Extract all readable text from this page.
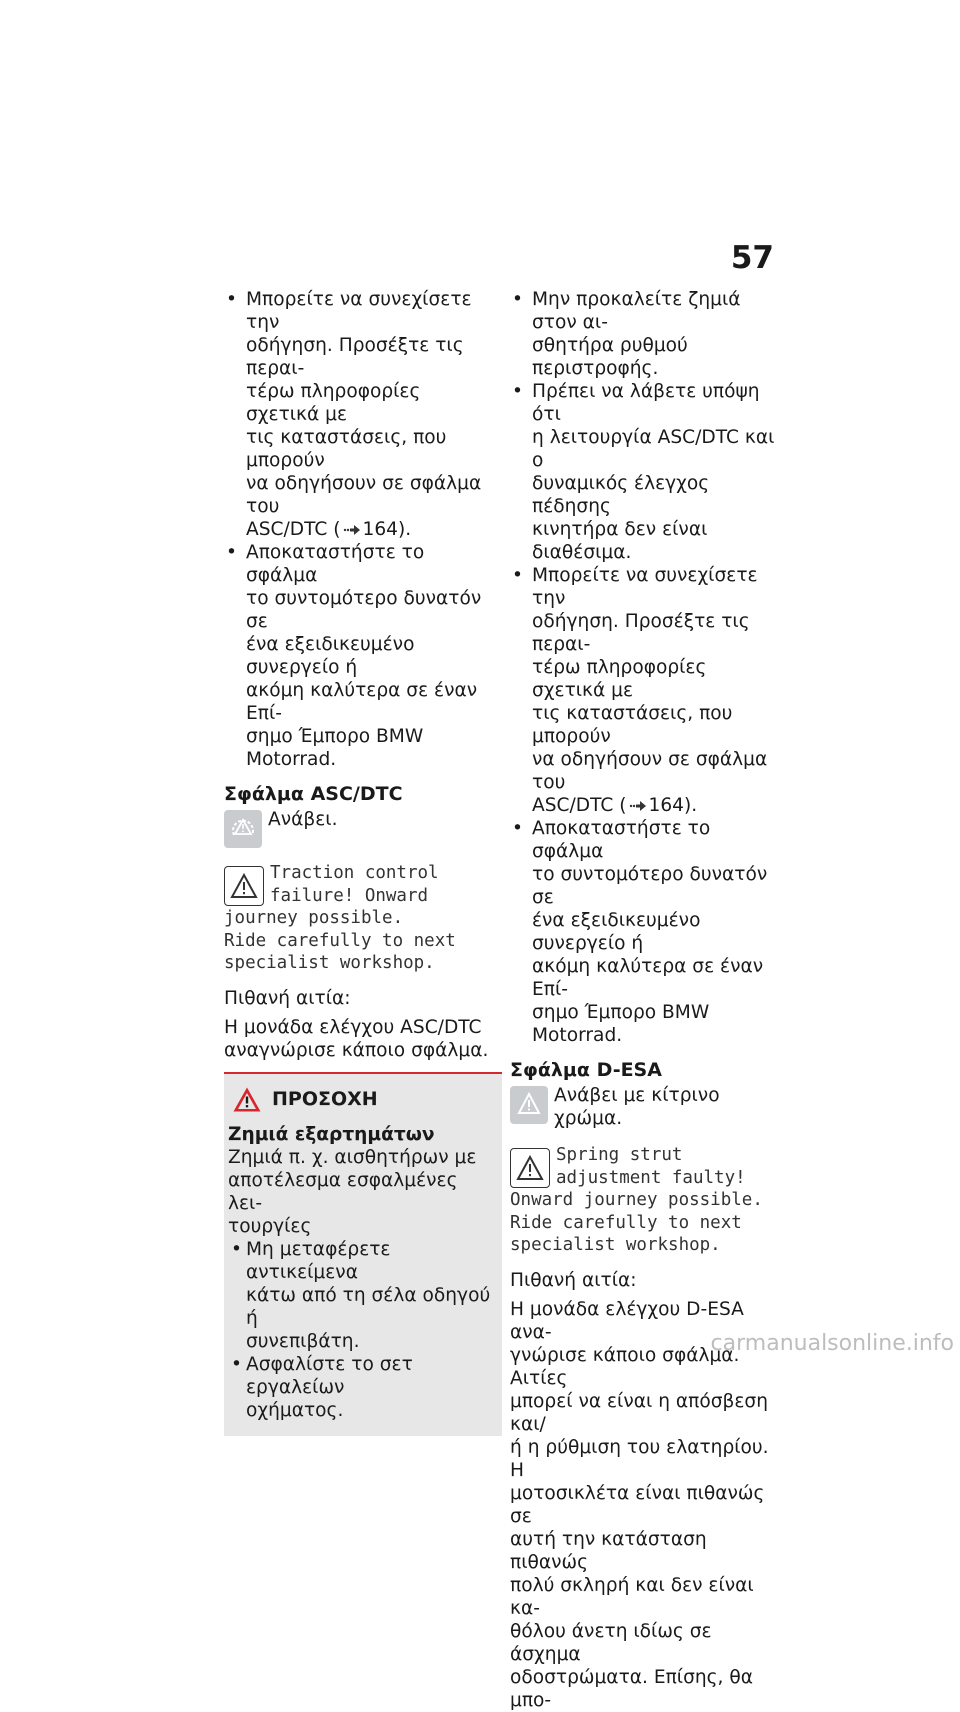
57
• Μπορείτε να συνεχίσετε την
οδήγηση. Προσέξτε τις περαι-
τέρω πληροφορίες σχετικά με
τις καταστάσεις, που μπορούν
να οδηγήσουν σε σφάλμα του
ASC/DTC ( 164).
• Αποκαταστήστε το σφάλμα
το συντομότερο δυνατόν σε
ένα εξειδικευμένο συνεργείο ή
ακόμη καλύτερα σε έναν Επί-
σημο Έμπορο BMW Motorrad.
Σφάλμα ASC/DTC
Ανάβει.
Traction control
failure! Onward
journey possible.
Ride carefully to next
specialist workshop.
Πιθανή αιτία:
Η μονάδα ελέγχου ASC/DTC
αναγνώρισε κάποιο σφάλμα.
ΠΡΟΣΟΧΗ
Ζημιά εξαρτημάτων
Ζημιά π. χ. αισθητήρων με
αποτέλεσμα εσφαλμένες λει-
τουργίες
• Μη μεταφέρετε αντικείμενα
κάτω από τη σέλα οδηγού ή
συνεπιβάτη.
• Ασφαλίστε το σετ εργαλείων
οχήματος.
• Μην προκαλείτε ζημιά στον αι-
σθητήρα ρυθμού περιστροφής.
• Πρέπει να λάβετε υπόψη ότι
η λειτουργία ASC/DTC και ο
δυναμικός έλεγχος πέδησης
κινητήρα δεν είναι διαθέσιμα.
• Μπορείτε να συνεχίσετε την
οδήγηση. Προσέξτε τις περαι-
τέρω πληροφορίες σχετικά με
τις καταστάσεις, που μπορούν
να οδηγήσουν σε σφάλμα του
ASC/DTC ( 164).
• Αποκαταστήστε το σφάλμα
το συντομότερο δυνατόν σε
ένα εξειδικευμένο συνεργείο ή
ακόμη καλύτερα σε έναν Επί-
σημο Έμπορο BMW Motorrad.
Σφάλμα D-ESA
Ανάβει με κίτρινο χρώμα.
Spring strut
adjustment faulty!
Onward journey possible.
Ride carefully to next
specialist workshop.
Πιθανή αιτία:
Η μονάδα ελέγχου D-ESA ανα-
γνώρισε κάποιο σφάλμα. Αιτίες
μπορεί να είναι η απόσβεση και/
ή η ρύθμιση του ελατηρίου. Η
μοτοσικλέτα είναι πιθανώς σε
αυτή την κατάσταση πιθανώς
πολύ σκληρή και δεν είναι κα-
θόλου άνετη ιδίως σε άσχημα
οδοστρώματα. Επίσης, θα μπο-
carmanualsonline.info
